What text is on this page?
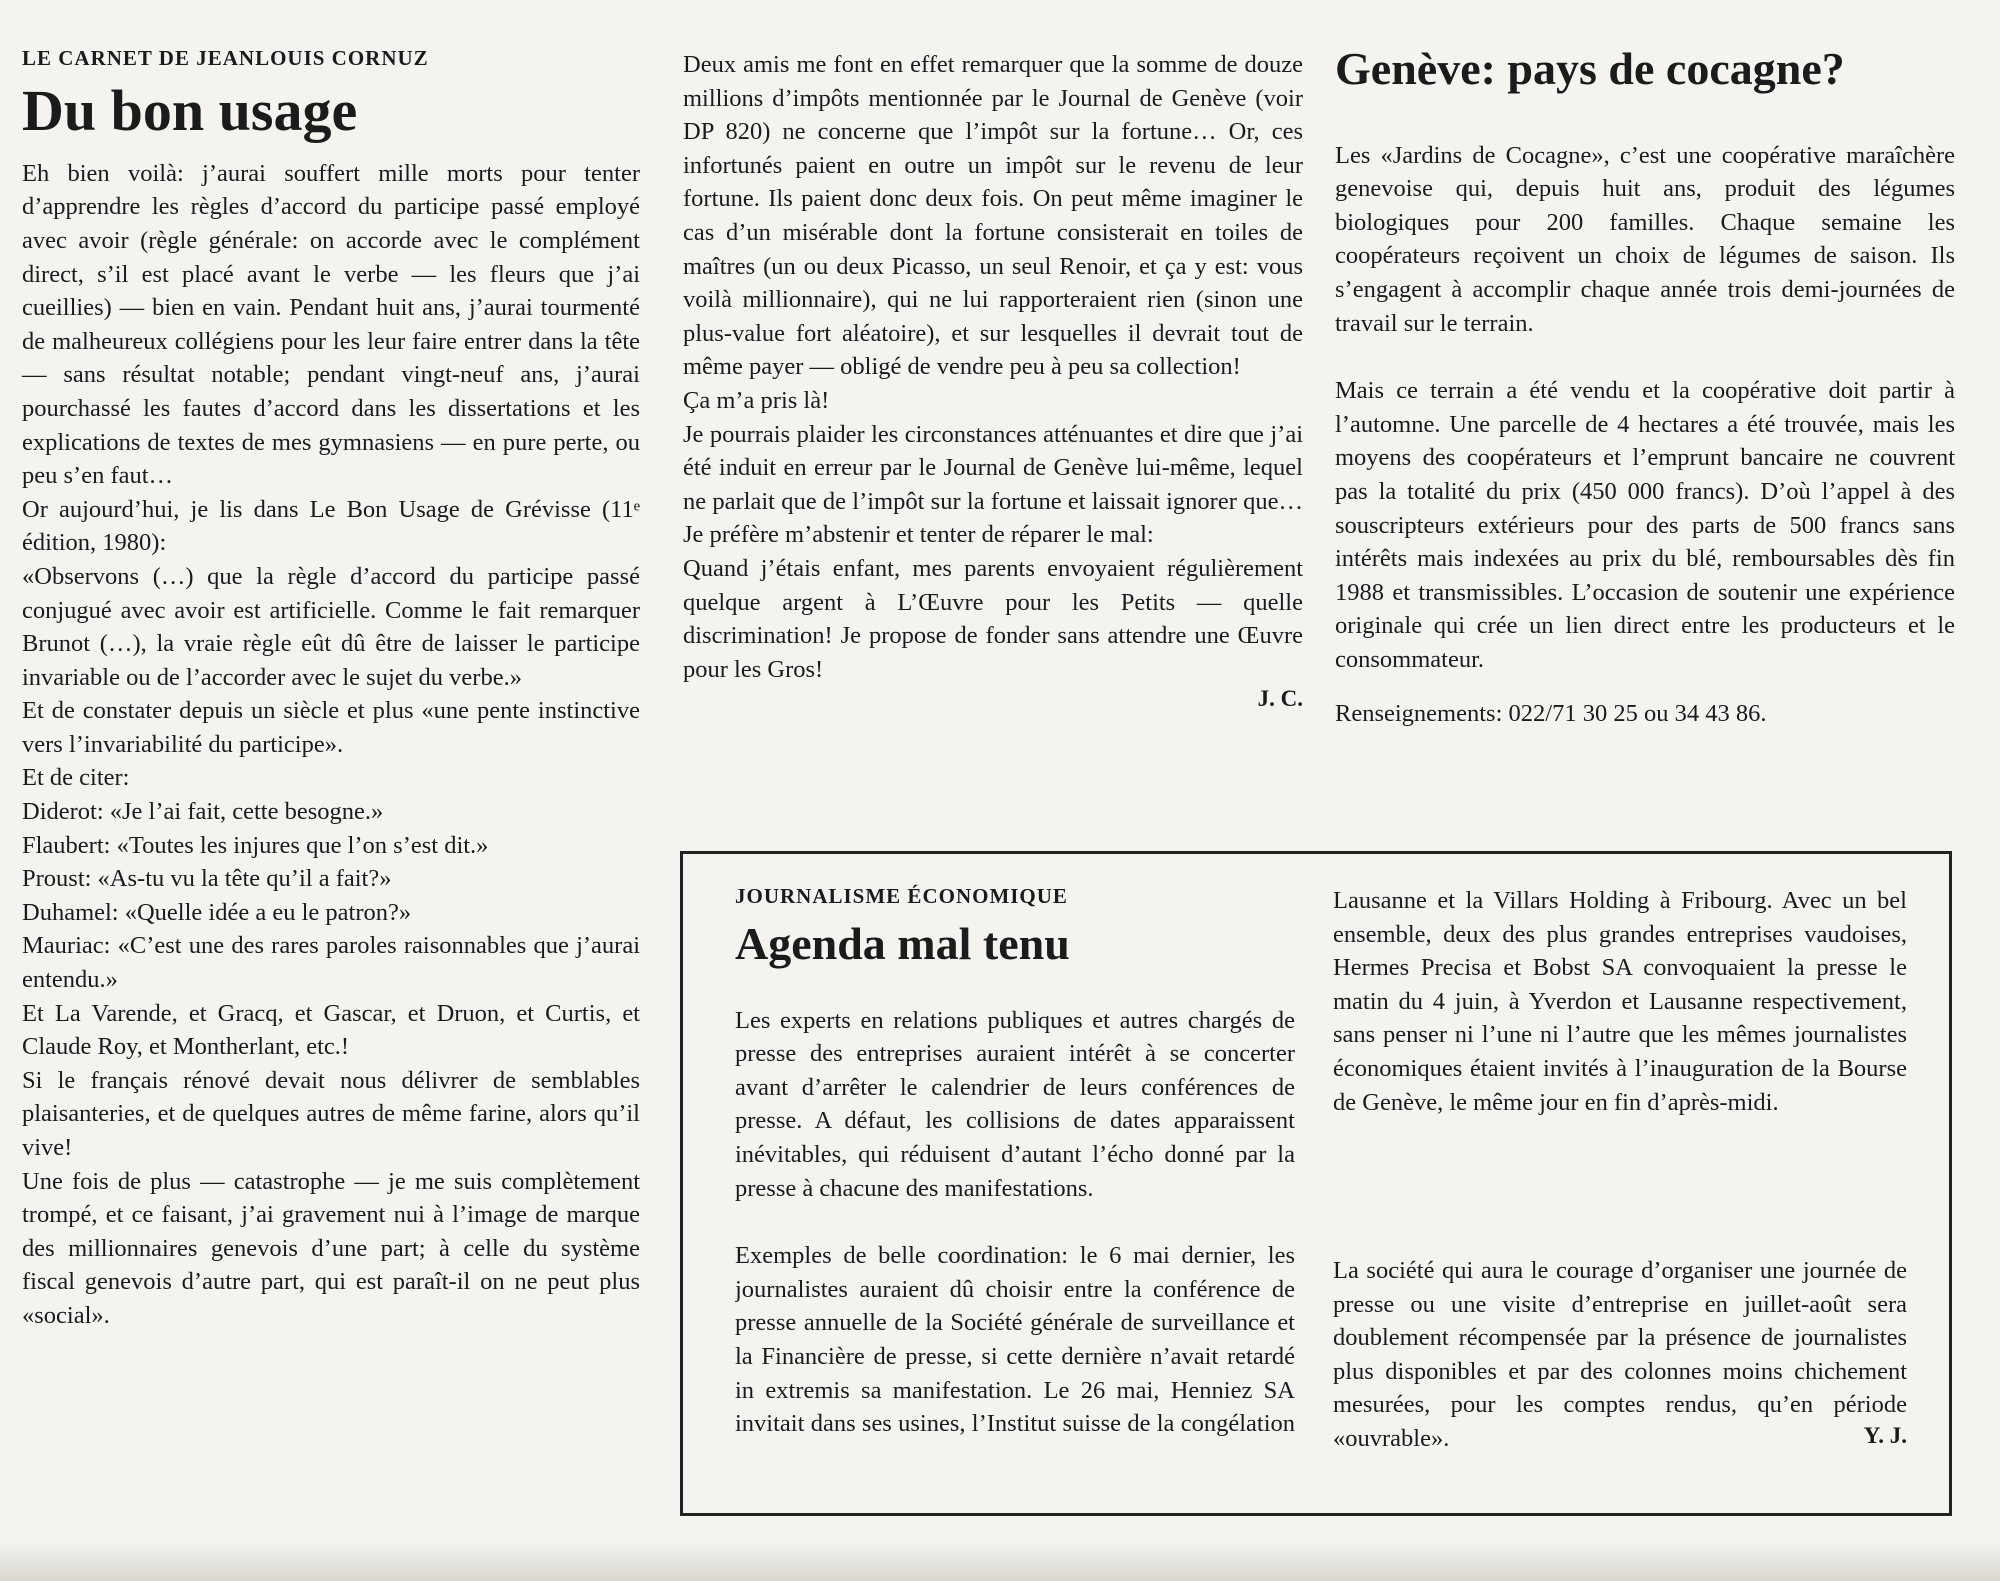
LE CARNET DE JEANLOUIS CORNUZ

Du bon usage

Eh bien voilà: j’aurai souffert mille morts pour tenter d’apprendre les règles d’accord du participe passé employé avec avoir (règle générale: on accorde avec le complément direct, s’il est placé avant le verbe — les fleurs que j’ai cueillies) — bien en vain. Pendant huit ans, j’aurai tourmenté de malheureux collégiens pour les leur faire entrer dans la tête — sans résultat notable; pendant vingt-neuf ans, j’aurai pourchassé les fautes d’accord dans les dissertations et les explications de textes de mes gymnasiens — en pure perte, ou peu s’en faut…

Or aujourd’hui, je lis dans Le Bon Usage de Grévisse (11ᵉ édition, 1980):

«Observons (…) que la règle d’accord du participe passé conjugué avec avoir est artificielle. Comme le fait remarquer Brunot (…), la vraie règle eût dû être de laisser le participe invariable ou de l’accorder avec le sujet du verbe.»

Et de constater depuis un siècle et plus «une pente instinctive vers l’invariabilité du participe».

Et de citer:

Diderot: «Je l’ai fait, cette besogne.»

Flaubert: «Toutes les injures que l’on s’est dit.»

Proust: «As-tu vu la tête qu’il a fait?»

Duhamel: «Quelle idée a eu le patron?»

Mauriac: «C’est une des rares paroles raisonnables que j’aurai entendu.»

Et La Varende, et Gracq, et Gascar, et Druon, et Curtis, et Claude Roy, et Montherlant, etc.!

Si le français rénové devait nous délivrer de semblables plaisanteries, et de quelques autres de même farine, alors qu’il vive!

Une fois de plus — catastrophe — je me suis complètement trompé, et ce faisant, j’ai gravement nui à l’image de marque des millionnaires genevois d’une part; à celle du système fiscal genevois d’autre part, qui est paraît-il on ne peut plus «social».

Deux amis me font en effet remarquer que la somme de douze millions d’impôts mentionnée par le Journal de Genève (voir DP 820) ne concerne que l’impôt sur la fortune… Or, ces infortunés paient en outre un impôt sur le revenu de leur fortune. Ils paient donc deux fois. On peut même imaginer le cas d’un misérable dont la fortune consisterait en toiles de maîtres (un ou deux Picasso, un seul Renoir, et ça y est: vous voilà millionnaire), qui ne lui rapporteraient rien (sinon une plus-value fort aléatoire), et sur lesquelles il devrait tout de même payer — obligé de vendre peu à peu sa collection!

Ça m’a pris là!

Je pourrais plaider les circonstances atténuantes et dire que j’ai été induit en erreur par le Journal de Genève lui-même, lequel ne parlait que de l’impôt sur la fortune et laissait ignorer que… Je préfère m’abstenir et tenter de réparer le mal:

Quand j’étais enfant, mes parents envoyaient régulièrement quelque argent à L’Œuvre pour les Petits — quelle discrimination! Je propose de fonder sans attendre une Œuvre pour les Gros!

J. C.

Genève: pays de cocagne?

Les «Jardins de Cocagne», c’est une coopérative maraîchère genevoise qui, depuis huit ans, produit des légumes biologiques pour 200 familles. Chaque semaine les coopérateurs reçoivent un choix de légumes de saison. Ils s’engagent à accomplir chaque année trois demi-journées de travail sur le terrain.

Mais ce terrain a été vendu et la coopérative doit partir à l’automne. Une parcelle de 4 hectares a été trouvée, mais les moyens des coopérateurs et l’emprunt bancaire ne couvrent pas la totalité du prix (450 000 francs). D’où l’appel à des souscripteurs extérieurs pour des parts de 500 francs sans intérêts mais indexées au prix du blé, remboursables dès fin 1988 et transmissibles. L’occasion de soutenir une expérience originale qui crée un lien direct entre les producteurs et le consommateur.

Renseignements: 022/71 30 25 ou 34 43 86.

JOURNALISME ÉCONOMIQUE

Agenda mal tenu

Les experts en relations publiques et autres chargés de presse des entreprises auraient intérêt à se concerter avant d’arrêter le calendrier de leurs conférences de presse. A défaut, les collisions de dates apparaissent inévitables, qui réduisent d’autant l’écho donné par la presse à chacune des manifestations.

Exemples de belle coordination: le 6 mai dernier, les journalistes auraient dû choisir entre la conférence de presse annuelle de la Société générale de surveillance et la Financière de presse, si cette dernière n’avait retardé in extremis sa manifestation. Le 26 mai, Henniez SA invitait dans ses usines, l’Institut suisse de la congélation

Lausanne et la Villars Holding à Fribourg. Avec un bel ensemble, deux des plus grandes entreprises vaudoises, Hermes Precisa et Bobst SA convoquaient la presse le matin du 4 juin, à Yverdon et Lausanne respectivement, sans penser ni l’une ni l’autre que les mêmes journalistes économiques étaient invités à l’inauguration de la Bourse de Genève, le même jour en fin d’après-midi.

La société qui aura le courage d’organiser une journée de presse ou une visite d’entreprise en juillet-août sera doublement récompensée par la présence de journalistes plus disponibles et par des colonnes moins chichement mesurées, pour les comptes rendus, qu’en période «ouvrable».	Y. J.
